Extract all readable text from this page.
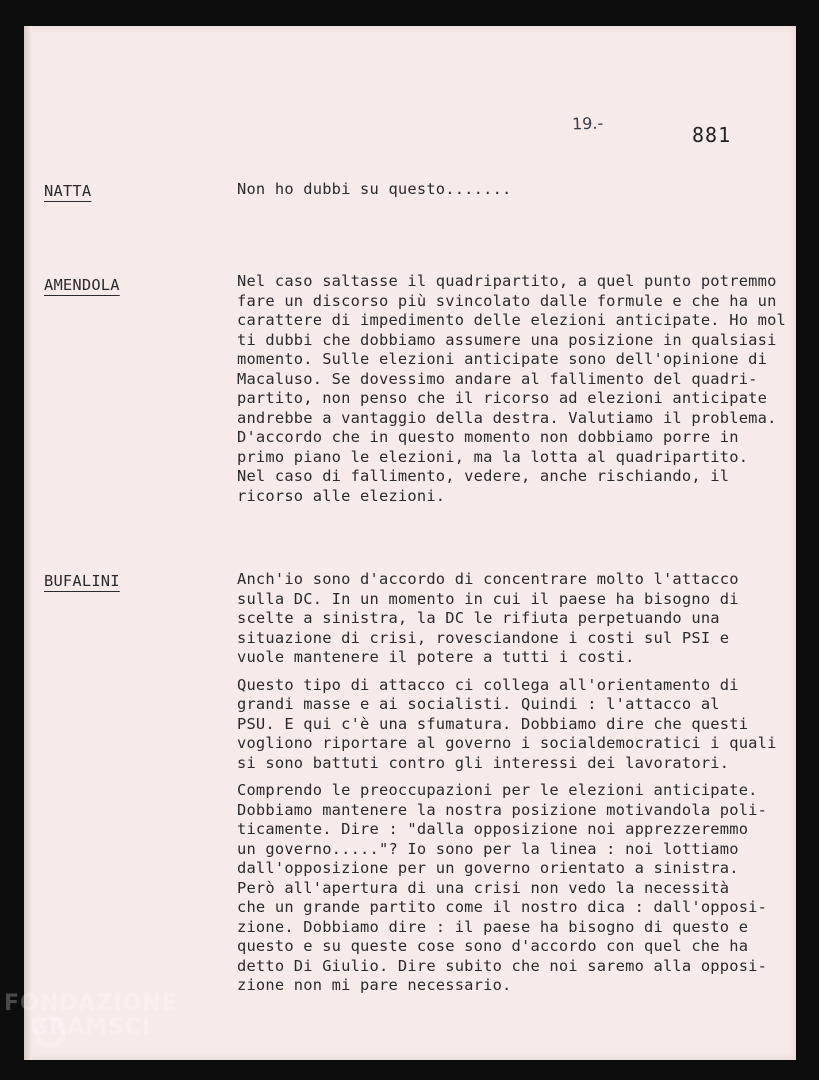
19.-	881
NATTA	Non ho dubbi su questo.......
AMENDOLA	Nel caso saltasse il quadripartito, a quel punto potremmo
fare un discorso più svincolato dalle formule e che ha un
carattere di impedimento delle elezioni anticipate. Ho mol
ti dubbi che dobbiamo assumere una posizione in qualsiasi
momento. Sulle elezioni anticipate sono dell'opinione di
Macaluso. Se dovessimo andare al fallimento del quadri-
partito, non penso che il ricorso ad elezioni anticipate
andrebbe a vantaggio della destra. Valutiamo il problema.
D'accordo che in questo momento non dobbiamo porre in
primo piano le elezioni, ma la lotta al quadripartito.
Nel caso di fallimento, vedere, anche rischiando, il
ricorso alle elezioni.
BUFALINI	Anch'io sono d'accordo di concentrare molto l'attacco
sulla DC. In un momento in cui il paese ha bisogno di
scelte a sinistra, la DC le rifiuta perpetuando una
situazione di crisi, rovesciandone i costi sul PSI e
vuole mantenere il potere a tutti i costi.
Questo tipo di attacco ci collega all'orientamento di
grandi masse e ai socialisti. Quindi : l'attacco al
PSU. E qui c'è una sfumatura. Dobbiamo dire che questi
vogliono riportare al governo i socialdemocratici i quali
si sono battuti contro gli interessi dei lavoratori.
Comprendo le preoccupazioni per le elezioni anticipate.
Dobbiamo mantenere la nostra posizione motivandola poli-
ticamente. Dire : "dalla opposizione noi apprezzeremmo
un governo....."? Io sono per la linea : noi lottiamo
dall'opposizione per un governo orientato a sinistra.
Però all'apertura di una crisi non vedo la necessità
che un grande partito come il nostro dica : dall'opposi-
zione. Dobbiamo dire : il paese ha bisogno di questo e
questo e su queste cose sono d'accordo con quel che ha
detto Di Giulio. Dire subito che noi saremo alla opposi-
zione non mi pare necessario.
FONDAZIONE
GRAMSCI
